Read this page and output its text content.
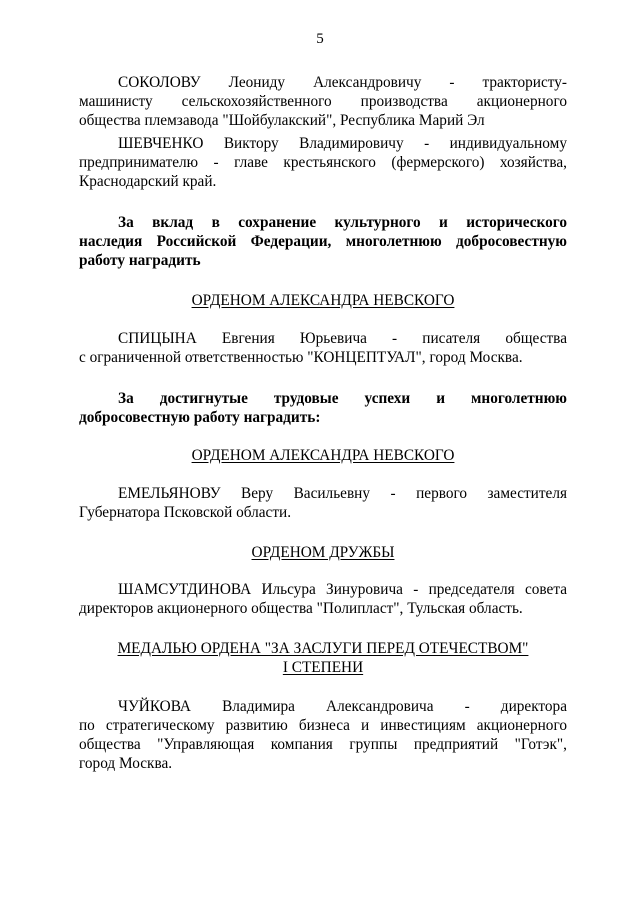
5
СОКОЛОВУ Леониду Александровичу - трактористу-
машинисту сельскохозяйственного производства акционерного
общества племзавода "Шойбулакский", Республика Марий Эл
ШЕВЧЕНКО Виктору Владимировичу - индивидуальному
предпринимателю - главе крестьянского (фермерского) хозяйства,
Краснодарский край.
За вклад в сохранение культурного и исторического
наследия Российской Федерации, многолетнюю добросовестную
работу наградить
ОРДЕНОМ АЛЕКСАНДРА НЕВСКОГО
СПИЦЫНА Евгения Юрьевича - писателя общества
с ограниченной ответственностью "КОНЦЕПТУАЛ", город Москва.
За достигнутые трудовые успехи и многолетнюю
добросовестную работу наградить:
ОРДЕНОМ АЛЕКСАНДРА НЕВСКОГО
ЕМЕЛЬЯНОВУ Веру Васильевну - первого заместителя
Губернатора Псковской области.
ОРДЕНОМ ДРУЖБЫ
ШАМСУТДИНОВА Ильсура Зинуровича - председателя совета
директоров акционерного общества "Полипласт", Тульская область.
МЕДАЛЬЮ ОРДЕНА "ЗА ЗАСЛУГИ ПЕРЕД ОТЕЧЕСТВОМ"
I СТЕПЕНИ
ЧУЙКОВА Владимира Александровича - директора
по стратегическому развитию бизнеса и инвестициям акционерного
общества "Управляющая компания группы предприятий "Готэк",
город Москва.
